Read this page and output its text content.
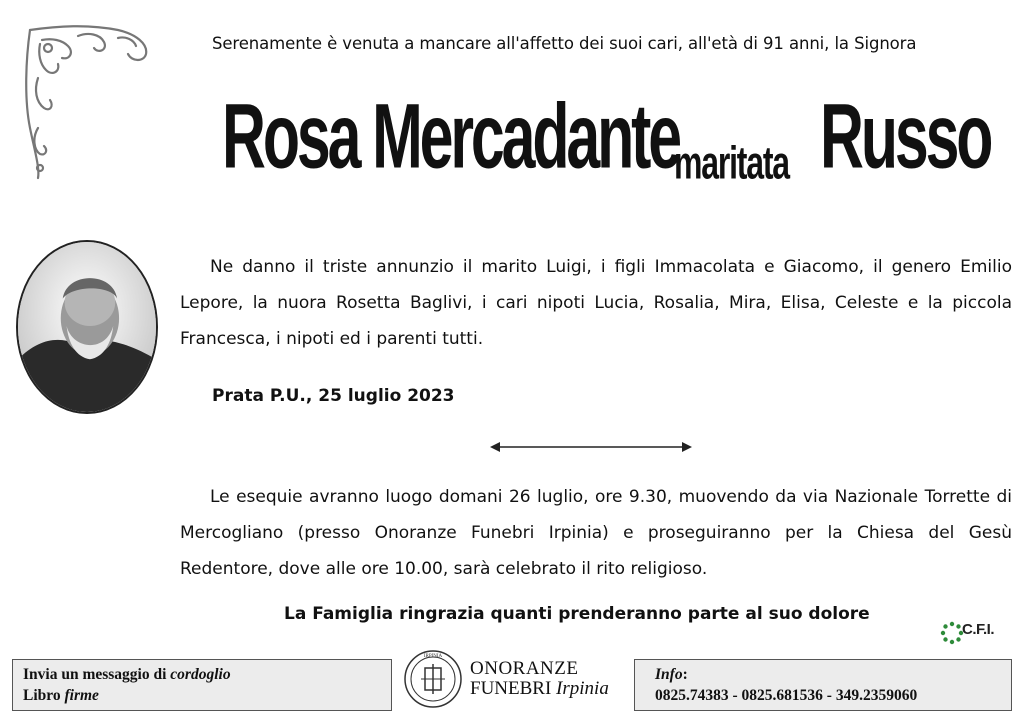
Serenamente è venuta a mancare all'affetto dei suoi cari, all'età di 91 anni, la Signora
Rosa Mercadante
maritata Russo

Ne danno il triste annunzio il marito Luigi, i figli Immacolata e Giacomo, il genero Emilio Lepore, la nuora Rosetta Baglivi, i cari nipoti Lucia, Rosalia, Mira, Elisa, Celeste e la piccola Francesca, i nipoti ed i parenti tutti.

Prata P.U., 25 luglio 2023

Le esequie avranno luogo domani 26 luglio, ore 9.30, muovendo da via Nazionale Torrette di Mercogliano (presso Onoranze Funebri Irpinia) e proseguiranno per la Chiesa del Gesù Redentore, dove alle ore 10.00, sarà celebrato il rito religioso.

La Famiglia ringrazia quanti prenderanno parte al suo dolore
C.F.I.
Invia un messaggio di cordoglio
Libro firme
IRPINIA
ONORANZE
FUNEBRI Irpinia
Info:
0825.74383 - 0825.681536 - 349.2359060
